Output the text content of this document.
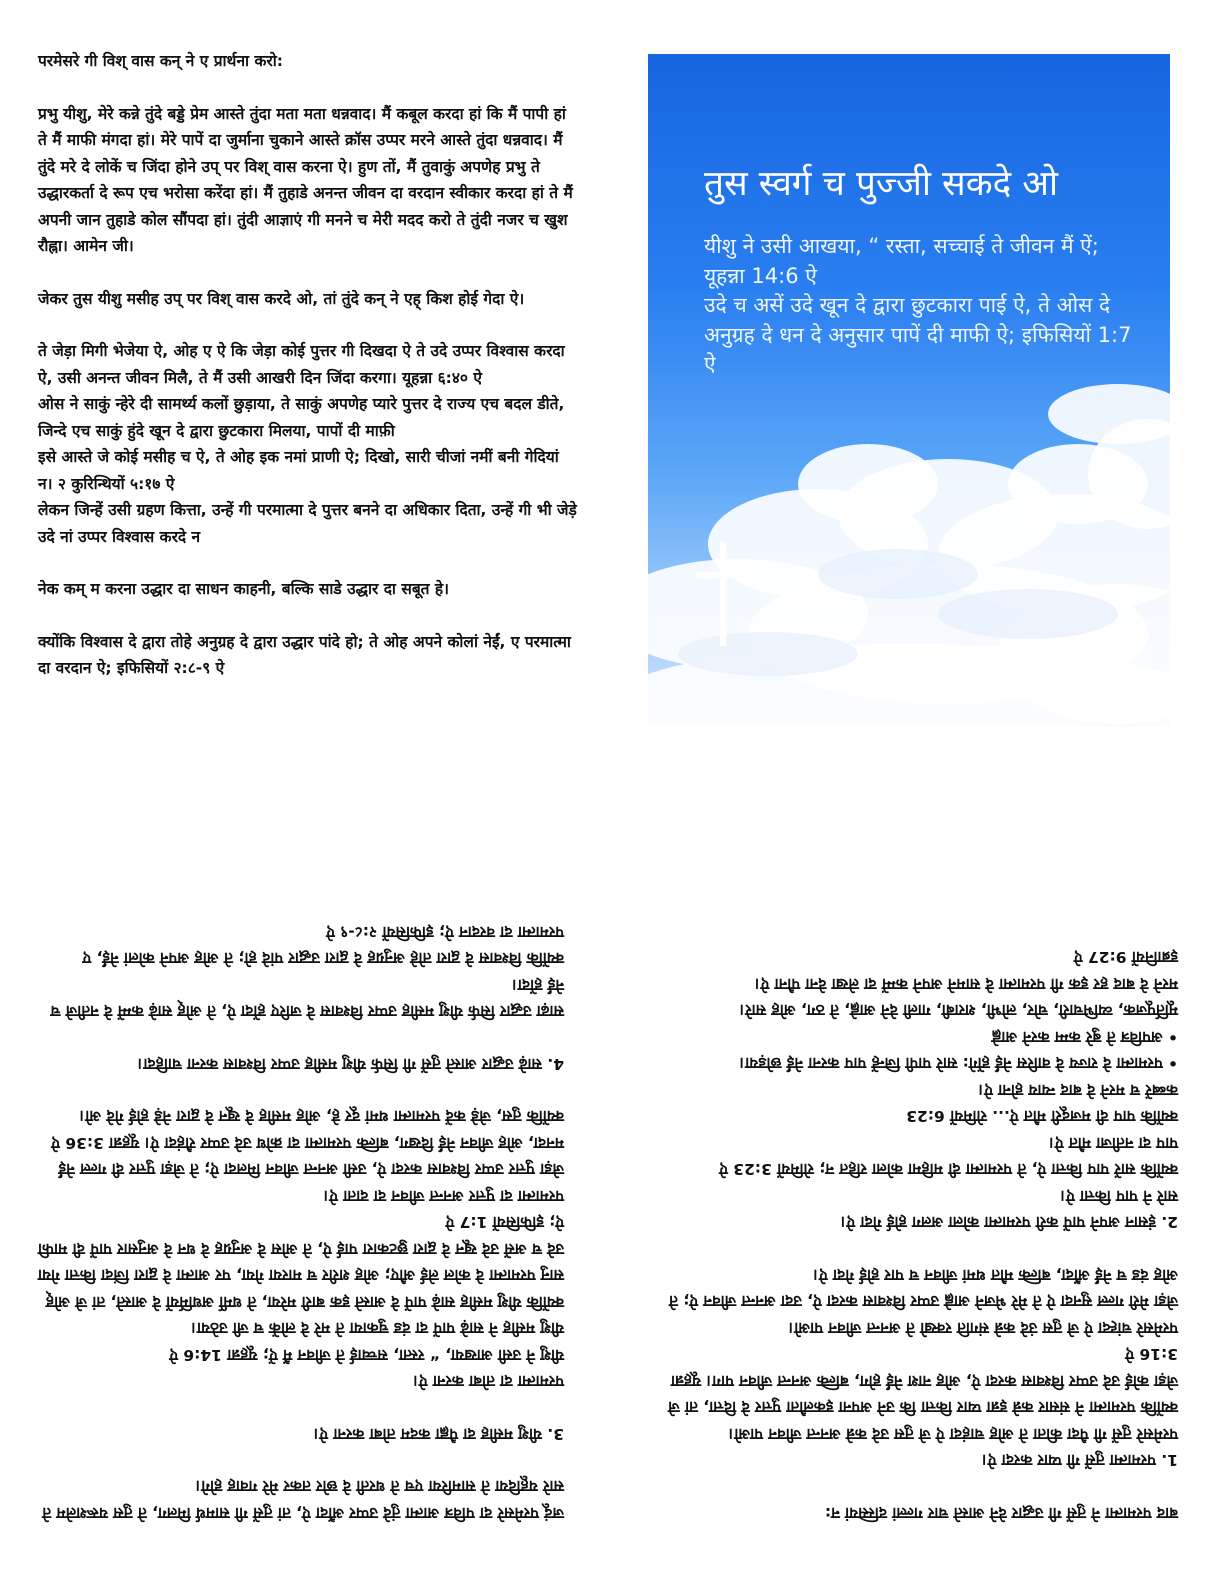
परमेसरे गी विश् वास कन् ने ए प्रार्थना करो:

प्रभु यीशु, मेरे कन्ने तुंदे बड्डे प्रेम आस्ते तुंदा मता मता धन्नवाद। मैं कबूल करदा हां कि मैं पापी हां ते मैं माफी मंगदा हां। मेरे पापें दा जुर्माना चुकाने आस्ते क्रॉस उप्पर मरने आस्ते तुंदा धन्नवाद। मैं तुंदे मरे दे लोकें च जिंदा होने उप् पर विश् वास करना ऐ। हुण तों, मैं तुवाकुं अपणेह प्रभु ते उद्धारकर्ता दे रूप एच भरोसा करेंदा हां। मैं तुहाडे अनन्त जीवन दा वरदान स्वीकार करदा हां ते मैं अपनी जान तुहाडे कोल सौंपदा हां। तुंदी आज्ञाएं गी मनने च मेरी मदद करो ते तुंदी नजर च खुश रौह्ना। आमेन जी।

जेकर तुस यीशु मसीह उप् पर विश् वास करदे ओ, तां तुंदे कन् ने एह् किश होई गेदा ऐ।

ते जेड़ा मिगी भेजेया ऐ, ओह ए ऐ कि जेड़ा कोई पुत्तर गी दिखदा ऐ ते उदे उप्पर विश्वास करदा ऐ, उसी अनन्त जीवन मिलै, ते मैं उसी आखरी दिन जिंदा करगा। यूहन्ना ६:४० ऐ
ओस ने साकुं न्हेरे दी सामर्थ्य कलों छुड़ाया, ते साकुं अपणेह प्यारे पुत्तर दे राज्य एच बदल डीते, जिन्दे एच साकुं हुंदे खून दे द्वारा छुटकारा मिलया, पापों दी माफ़ी
इसे आस्ते जे कोई मसीह च ऐ, ते ओह इक नमां प्राणी ऐ; दिखो, सारी चीजां नमीं बनी गेदियां न। २ कुरिन्थियों ५:१७ ऐ
लेकन जिन्हें उसी ग्रहण कित्ता, उन्हें गी परमात्मा दे पुत्तर बनने दा अधिकार दिता, उन्हें गी भी जेड़े उदे नां उप्पर विश्वास करदे न

नेक कम् म करना उद्धार दा साधन काहनी, बल्कि साडे उद्धार दा सबूत हे।

क्योंकि विश्वास दे द्वारा तोहे अनुग्रह दे द्वारा उद्धार पांदे हो; ते ओह अपने कोलां नेईं, ए परमात्मा दा वरदान ऐ; इफिसियों २:८-९ ऐ

तुस स्वर्ग च पुज्जी सकदे ओ
यीशु ने उसी आखया, “ रस्ता, सच्चाई ते जीवन मैं ऐं; यूहन्ना 14:6 ऐ
उदे च असें उदे खून दे द्वारा छुटकारा पाई ऐ, ते ओस दे अनुग्रह दे धन दे अनुसार पापें दी माफी ऐ; इफिसियों 1:7 ऐ

जदूं परमेसरे दा पवित्र आत्मा तुंदे उप्पर औंदा ऐ, तां तुसें गी सामर्थ मिलग, ते तुस यरूशलेम ते सारे यहूदिया ते सामरिया एच ते धरती दे छोर तकर मेरे गवाह होगे।

3. यीशु मसीह दा पैह्ला कदम तोबा करना ऐ।

परमात्मा दा तोबा करना ऐ।
यीशु ने उसी आखया, “ रस्ता, सच्चाई ते जीवन मैं ऐं; यूहन्ना 14:6 ऐ
यीशु मसीह ने साढ़े पापें दा दंड चुकाया ते मरे दे लोकें च जी उठेया।
क्योंकि यीशु मसीह साढ़े पापें दे आस्ते इक बारी मरेया, ते धर्मी अधर्मियों दे आस्ते, तां जे ओह् सानु परमात्मा दे कोल लेई औए; ओह शरीर च मारया गेया, पर आत्मा दे द्वारा जिंदा कित्ता गेया
उदे च असें उदे खून दे द्वारा छुटकारा पाई ऐ, ते ओस दे अनुग्रह दे धन दे अनुसार पापें दी माफी ऐ; इफिसियों 1:7 ऐ
परमात्मा दा पुत्तर अनन्त जीवन दा दाता ऐ।
जेड़ा पुत्तर उप्पर विश्वास करदा ऐ, उसी अनन्त जीवन मिलदा ऐ; ते जेड़ा पुत्तर दी गल्ल नेईं मनदा, ओह जीवन नेईं दिखग, बल्कि परमात्मा दा क्रोध उदे उप्पर रौहंदा ऐ। यूहन्ना 3:36 ऐ
क्योंकि तुस, जेड़े कदें परमात्मा थमां दूर हे, ओह मसीह दे खून दे द्वारा नेड़े होई गेदे ओ।

4. साढ़े उद्धार आस्ते तुसें गी सिर्फ यीशु मसीह उप्पर विश्वास करना चाहिदा।

साढ़ा उद्धार सिर्फ यीशु मसीह उप्पर विश्वास दे जरिए होंदा ऐ, ते ओह् साढ़े कम्में दे नतीजे च नेईं होंदा।
क्योंकि विश्वास दे द्वारा तोहे अनुग्रह दे द्वारा उद्धार पांदे हो; ते ओह अपने कोलां नेईं, ए परमात्मा दा वरदान ऐ; इफिसियों २:८-९ ऐ

बाद परमात्मा ने तुसें गी उद्धार देने आस्ते चार गल्लां दस्सियां न:

1. परमात्मा तुसें गी प्यार करदा ऐ।
परमेसरे तुसें गी पैदा कीता ते ओह चाहंदा ऐ जे तुस उदे कन्ने अनन्त जीवन पाओ।
क्योंकि परमात्मा ने संसार कन्ने इन्ना प्यार कित्ता कि उने अपना इकलौता पुत्तर दे दित्ता, तां जे जेड़ा कोई उदे उप्पर विश्वास करदा ऐ, ओह नाश नेईं होग, बल्कि अनन्त जीवन पाग। यूहन्ना 3:16 ऐ
परमेसरे चांह्दा ऐ जे तुस उंदे कन्ने संगति रक्खो ते अनन्त जीवन पाओ।
जेड़ा मेरी गल्ल सुनदा ऐ ते मेरे भेजने आह्ले उप्पर विश्वास करदा ऐ, उदा अनन्त जीवन ऐ; ते ओह दंड च नेईं औंदा, बल्कि मौत थमां जीवन च पार होई गेदा ऐ।

2. इंसान अपने पापें करी परमात्मा कोला अलग होई गेदा ऐ।
सारे ने पाप कित्ता ऐ।
क्योंकि सारें पाप कित्ता ऐ, ते परमात्मा दी महिमा कोला रहित न; रोमियों 3:23 ऐ
पाप दा नतीजा मौत ऐ।
क्योंकि पाप दी मजदूरी मौत ऐ... रोमियों 6:23
कब्बरें च मरने दे बाद न्याय होना ऐ।
• परमात्मा दे राज्य दे वारिस नेईं होंगे: सारे पापी जिन्हें पाप करना नेईं छोड़या।
• अपवित्र ते बुरे कम्म करने आह्ले
मूर्तिपूजक, व्यभिचारी, चोर, लोभी, शराबी, गाली देने आह्ले, ते ठग, ओह सारे।
मरने दे बाद हर इक गी परमात्मा दे सामने अपने कम्में दा लेखा देना पौना ऐ।
इब्रानियों 9:27 ऐ
